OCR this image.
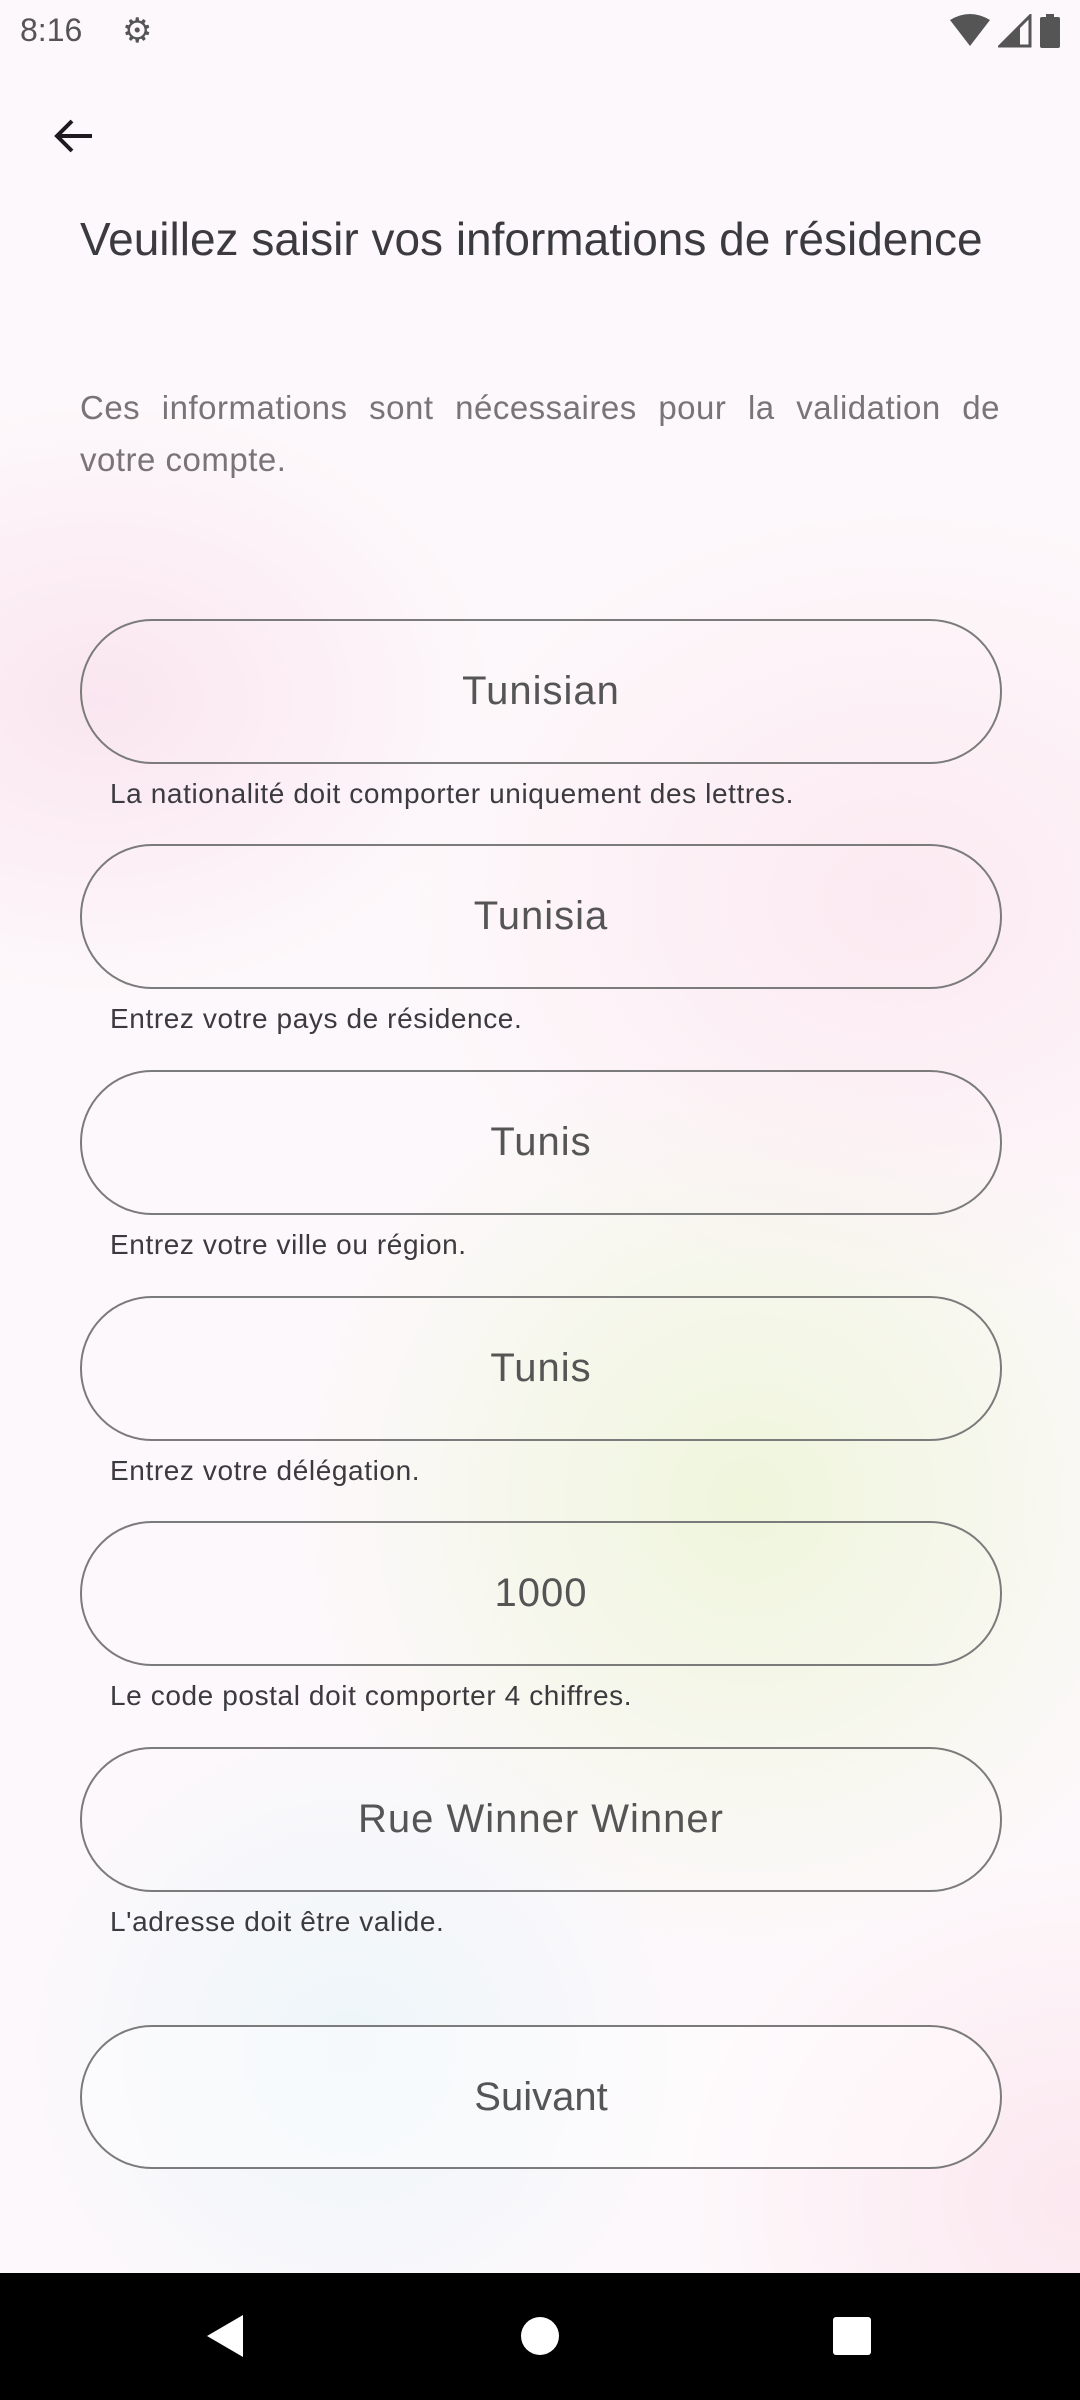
8:16 ⚙
Veuillez saisir vos informations de résidence
Ces informations sont nécessaires pour la validation de votre compte.
Tunisian
La nationalité doit comporter uniquement des lettres.
Tunisia
Entrez votre pays de résidence.
Tunis
Entrez votre ville ou région.
Tunis
Entrez votre délégation.
1000
Le code postal doit comporter 4 chiffres.
Rue Winner Winner
L'adresse doit être valide.
Suivant
